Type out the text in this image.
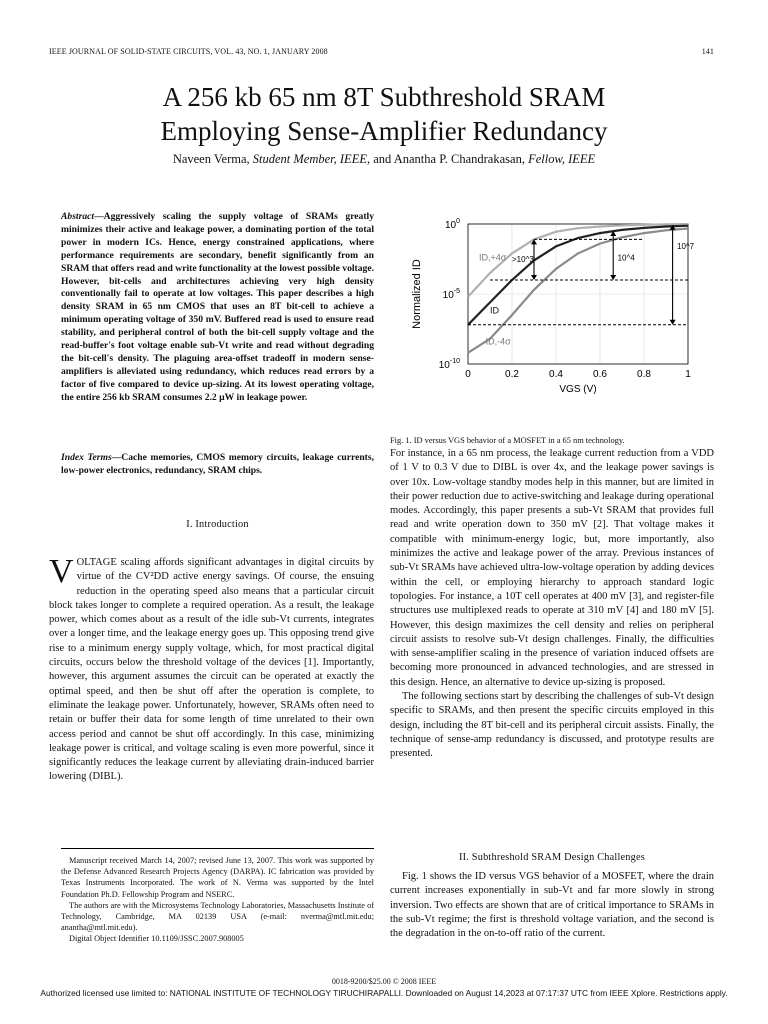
IEEE JOURNAL OF SOLID-STATE CIRCUITS, VOL. 43, NO. 1, JANUARY 2008	141
A 256 kb 65 nm 8T Subthreshold SRAM
Employing Sense-Amplifier Redundancy
Naveen Verma, Student Member, IEEE, and Anantha P. Chandrakasan, Fellow, IEEE
Abstract—Aggressively scaling the supply voltage of SRAMs greatly minimizes their active and leakage power, a dominating portion of the total power in modern ICs. Hence, energy constrained applications, where performance requirements are secondary, benefit significantly from an SRAM that offers read and write functionality at the lowest possible voltage. However, bit-cells and architectures achieving very high density conventionally fail to operate at low voltages. This paper describes a high density SRAM in 65 nm CMOS that uses an 8T bit-cell to achieve a minimum operating voltage of 350 mV. Buffered read is used to ensure read stability, and peripheral control of both the bit-cell supply voltage and the read-buffer's foot voltage enable sub-Vt write and read without degrading the bit-cell's density. The plaguing area-offset tradeoff in modern sense-amplifiers is alleviated using redundancy, which reduces read errors by a factor of five compared to device up-sizing. At its lowest operating voltage, the entire 256 kb SRAM consumes 2.2 µW in leakage power.
Index Terms—Cache memories, CMOS memory circuits, leakage currents, low-power electronics, redundancy, SRAM chips.
I. Introduction
VOLTAGE scaling affords significant advantages in digital circuits by virtue of the CV²DD active energy savings. Of course, the ensuing reduction in the operating speed also means that a particular circuit block takes longer to complete a required operation. As a result, the leakage power, which comes about as a result of the idle sub-Vt currents, integrates over a longer time, and the leakage energy goes up. This opposing trend give rise to a minimum energy supply voltage, which, for most practical digital circuits, occurs below the threshold voltage of the devices [1]. Importantly, however, this argument assumes the circuit can be operated at exactly the optimal speed, and then be shut off after the operation is complete, to eliminate the leakage power. Unfortunately, however, SRAMs often need to retain or buffer their data for some length of time unrelated to their own access period and cannot be shut off accordingly. In this case, minimizing leakage power is critical, and voltage scaling is even more powerful, since it significantly reduces the leakage current by alleviating drain-induced barrier lowering (DIBL).

Manuscript received March 14, 2007; revised June 13, 2007. This work was supported by the Defense Advanced Research Projects Agency (DARPA). IC fabrication was provided by Texas Instruments Incorporated. The work of N. Verma was supported by the Intel Foundation Ph.D. Fellowship Program and NSERC.

The authors are with the Microsystems Technology Laboratories, Massachusetts Institute of Technology, Cambridge, MA 02139 USA (e-mail: nverma@mtl.mit.edu; anantha@mtl.mit.edu).

Digital Object Identifier 10.1109/JSSC.2007.908005

ID,+4σ
ID
ID,-4σ
>10^3	10^4
10^7
0	0.2	0.4	0.6	0.8	1
$10^0$
$10^{-5}$
$10^{-10}$
Normalized ID
VGS (V)
Fig. 1. ID versus VGS behavior of a MOSFET in a 65 nm technology.

For instance, in a 65 nm process, the leakage current reduction from a VDD of 1 V to 0.3 V due to DIBL is over 4x, and the leakage power savings is over 10x. Low-voltage standby modes help in this manner, but are limited in their power reduction due to active-switching and leakage during operational modes. Accordingly, this paper presents a sub-Vt SRAM that provides full read and write operation down to 350 mV [2]. That voltage makes it compatible with minimum-energy logic, but, more importantly, also minimizes the active and leakage power of the array. Previous instances of sub-Vt SRAMs have achieved ultra-low-voltage operation by adding devices within the cell, or employing hierarchy to approach standard logic topologies. For instance, a 10T cell operates at 400 mV [3], and register-file structures use multiplexed reads to operate at 310 mV [4] and 180 mV [5]. However, this design maximizes the cell density and relies on peripheral circuit assists to resolve sub-Vt design challenges. Finally, the difficulties with sense-amplifier scaling in the presence of variation induced offsets are becoming more pronounced in advanced technologies, and are stressed in this design. Hence, an alternative to device up-sizing is proposed.

The following sections start by describing the challenges of sub-Vt design specific to SRAMs, and then present the specific circuits employed in this design, including the 8T bit-cell and its peripheral circuit assists. Finally, the technique of sense-amp redundancy is discussed, and prototype results are presented.

II. Subthreshold SRAM Design Challenges
Fig. 1 shows the ID versus VGS behavior of a MOSFET, where the drain current increases exponentially in sub-Vt and far more slowly in strong inversion. Two effects are shown that are of critical importance to SRAMs in the sub-Vt regime; the first is threshold voltage variation, and the second is the degradation in the on-to-off ratio of the current.
0018-9200/$25.00 © 2008 IEEE
Authorized licensed use limited to: NATIONAL INSTITUTE OF TECHNOLOGY TIRUCHIRAPALLI. Downloaded on August 14,2023 at 07:17:37 UTC from IEEE Xplore. Restrictions apply.
